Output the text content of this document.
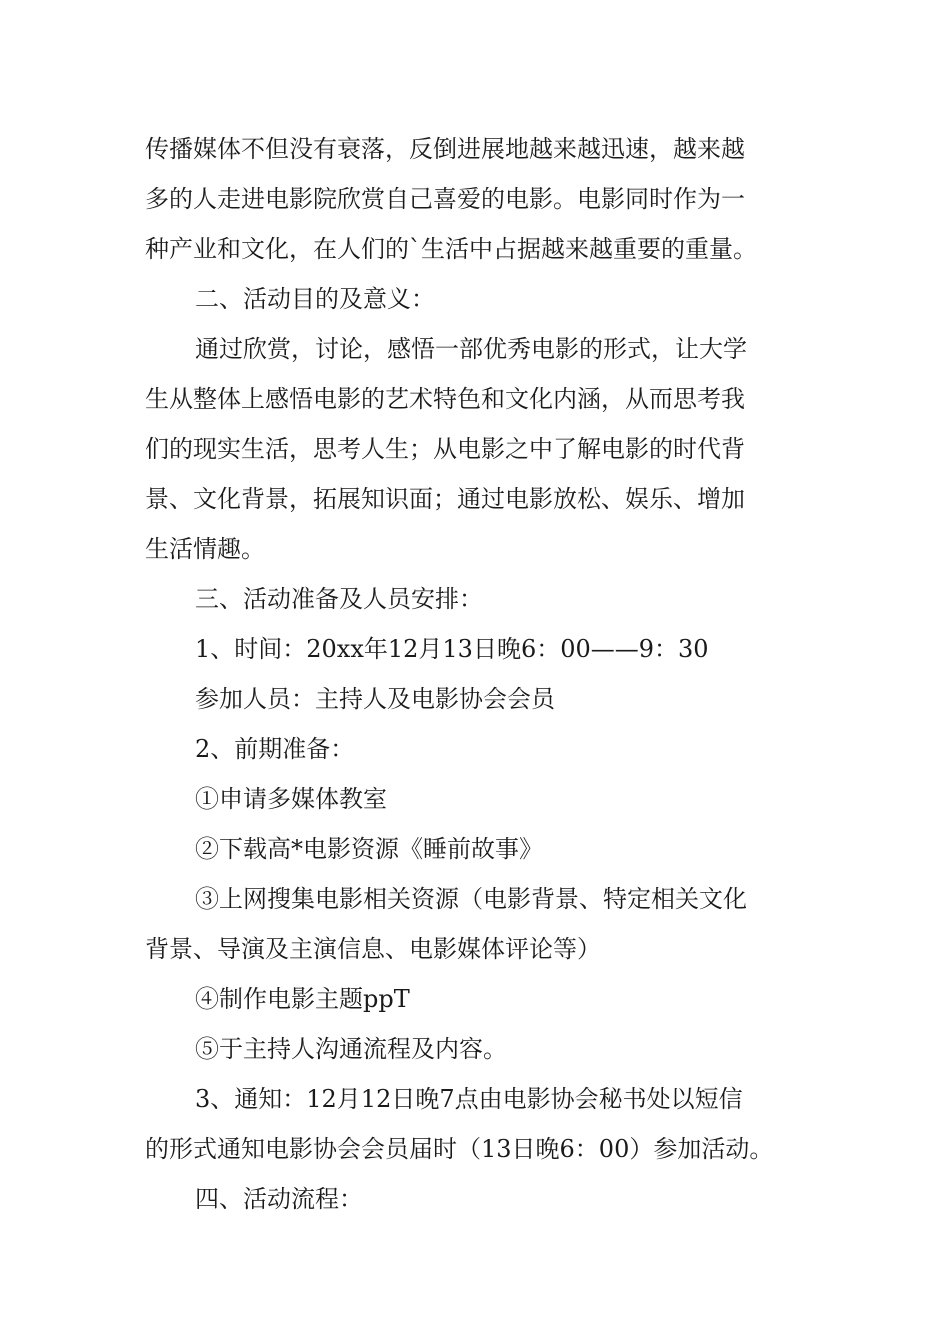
传播媒体不但没有衰落，反倒进展地越来越迅速，越来越
多的人走进电影院欣赏自己喜爱的电影。电影同时作为一
种产业和文化，在人们的`生活中占据越来越重要的重量。
二、活动目的及意义：
通过欣赏，讨论，感悟一部优秀电影的形式，让大学
生从整体上感悟电影的艺术特色和文化内涵，从而思考我
们的现实生活，思考人生；从电影之中了解电影的时代背
景、文化背景，拓展知识面；通过电影放松、娱乐、增加
生活情趣。
三、活动准备及人员安排：
1、时间：20xx年12月13日晚6：00——9：30
参加人员：主持人及电影协会会员
2、前期准备：
①申请多媒体教室
②下载高*电影资源《睡前故事》
③上网搜集电影相关资源（电影背景、特定相关文化
背景、导演及主演信息、电影媒体评论等）
④制作电影主题ppT
⑤于主持人沟通流程及内容。
3、通知：12月12日晚7点由电影协会秘书处以短信
的形式通知电影协会会员届时（13日晚6：00）参加活动。
四、活动流程：
